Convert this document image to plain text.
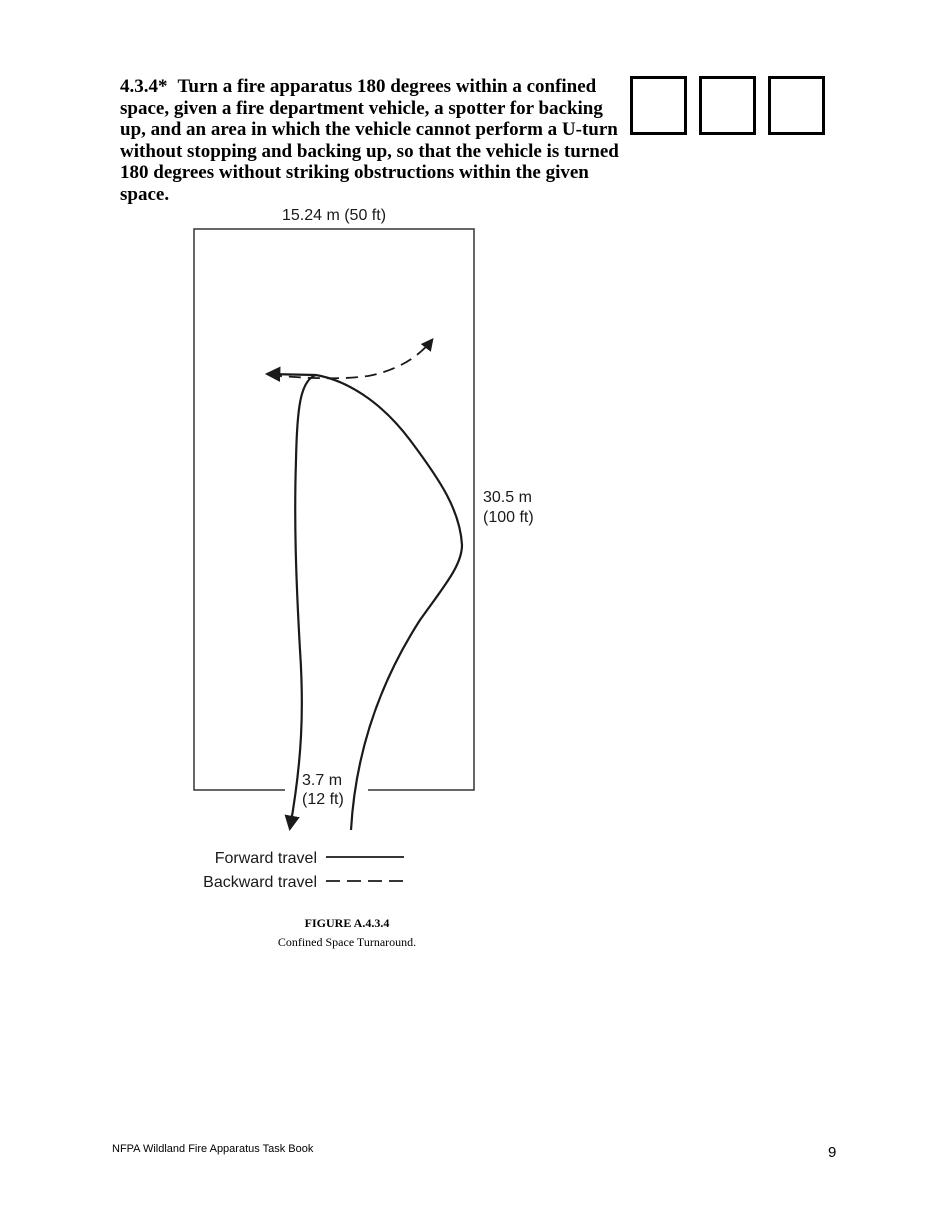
4.3.4* Turn a fire apparatus 180 degrees within a confined space, given a fire department vehicle, a spotter for backing up, and an area in which the vehicle cannot perform a U-turn without stopping and backing up, so that the vehicle is turned 180 degrees without striking obstructions within the given space.
15.24 m (50 ft)
30.5 m
(100 ft)
3.7 m
(12 ft)
Forward travel
Backward travel
FIGURE A.4.3.4
Confined Space Turnaround.
NFPA Wildland Fire Apparatus Task Book	9
